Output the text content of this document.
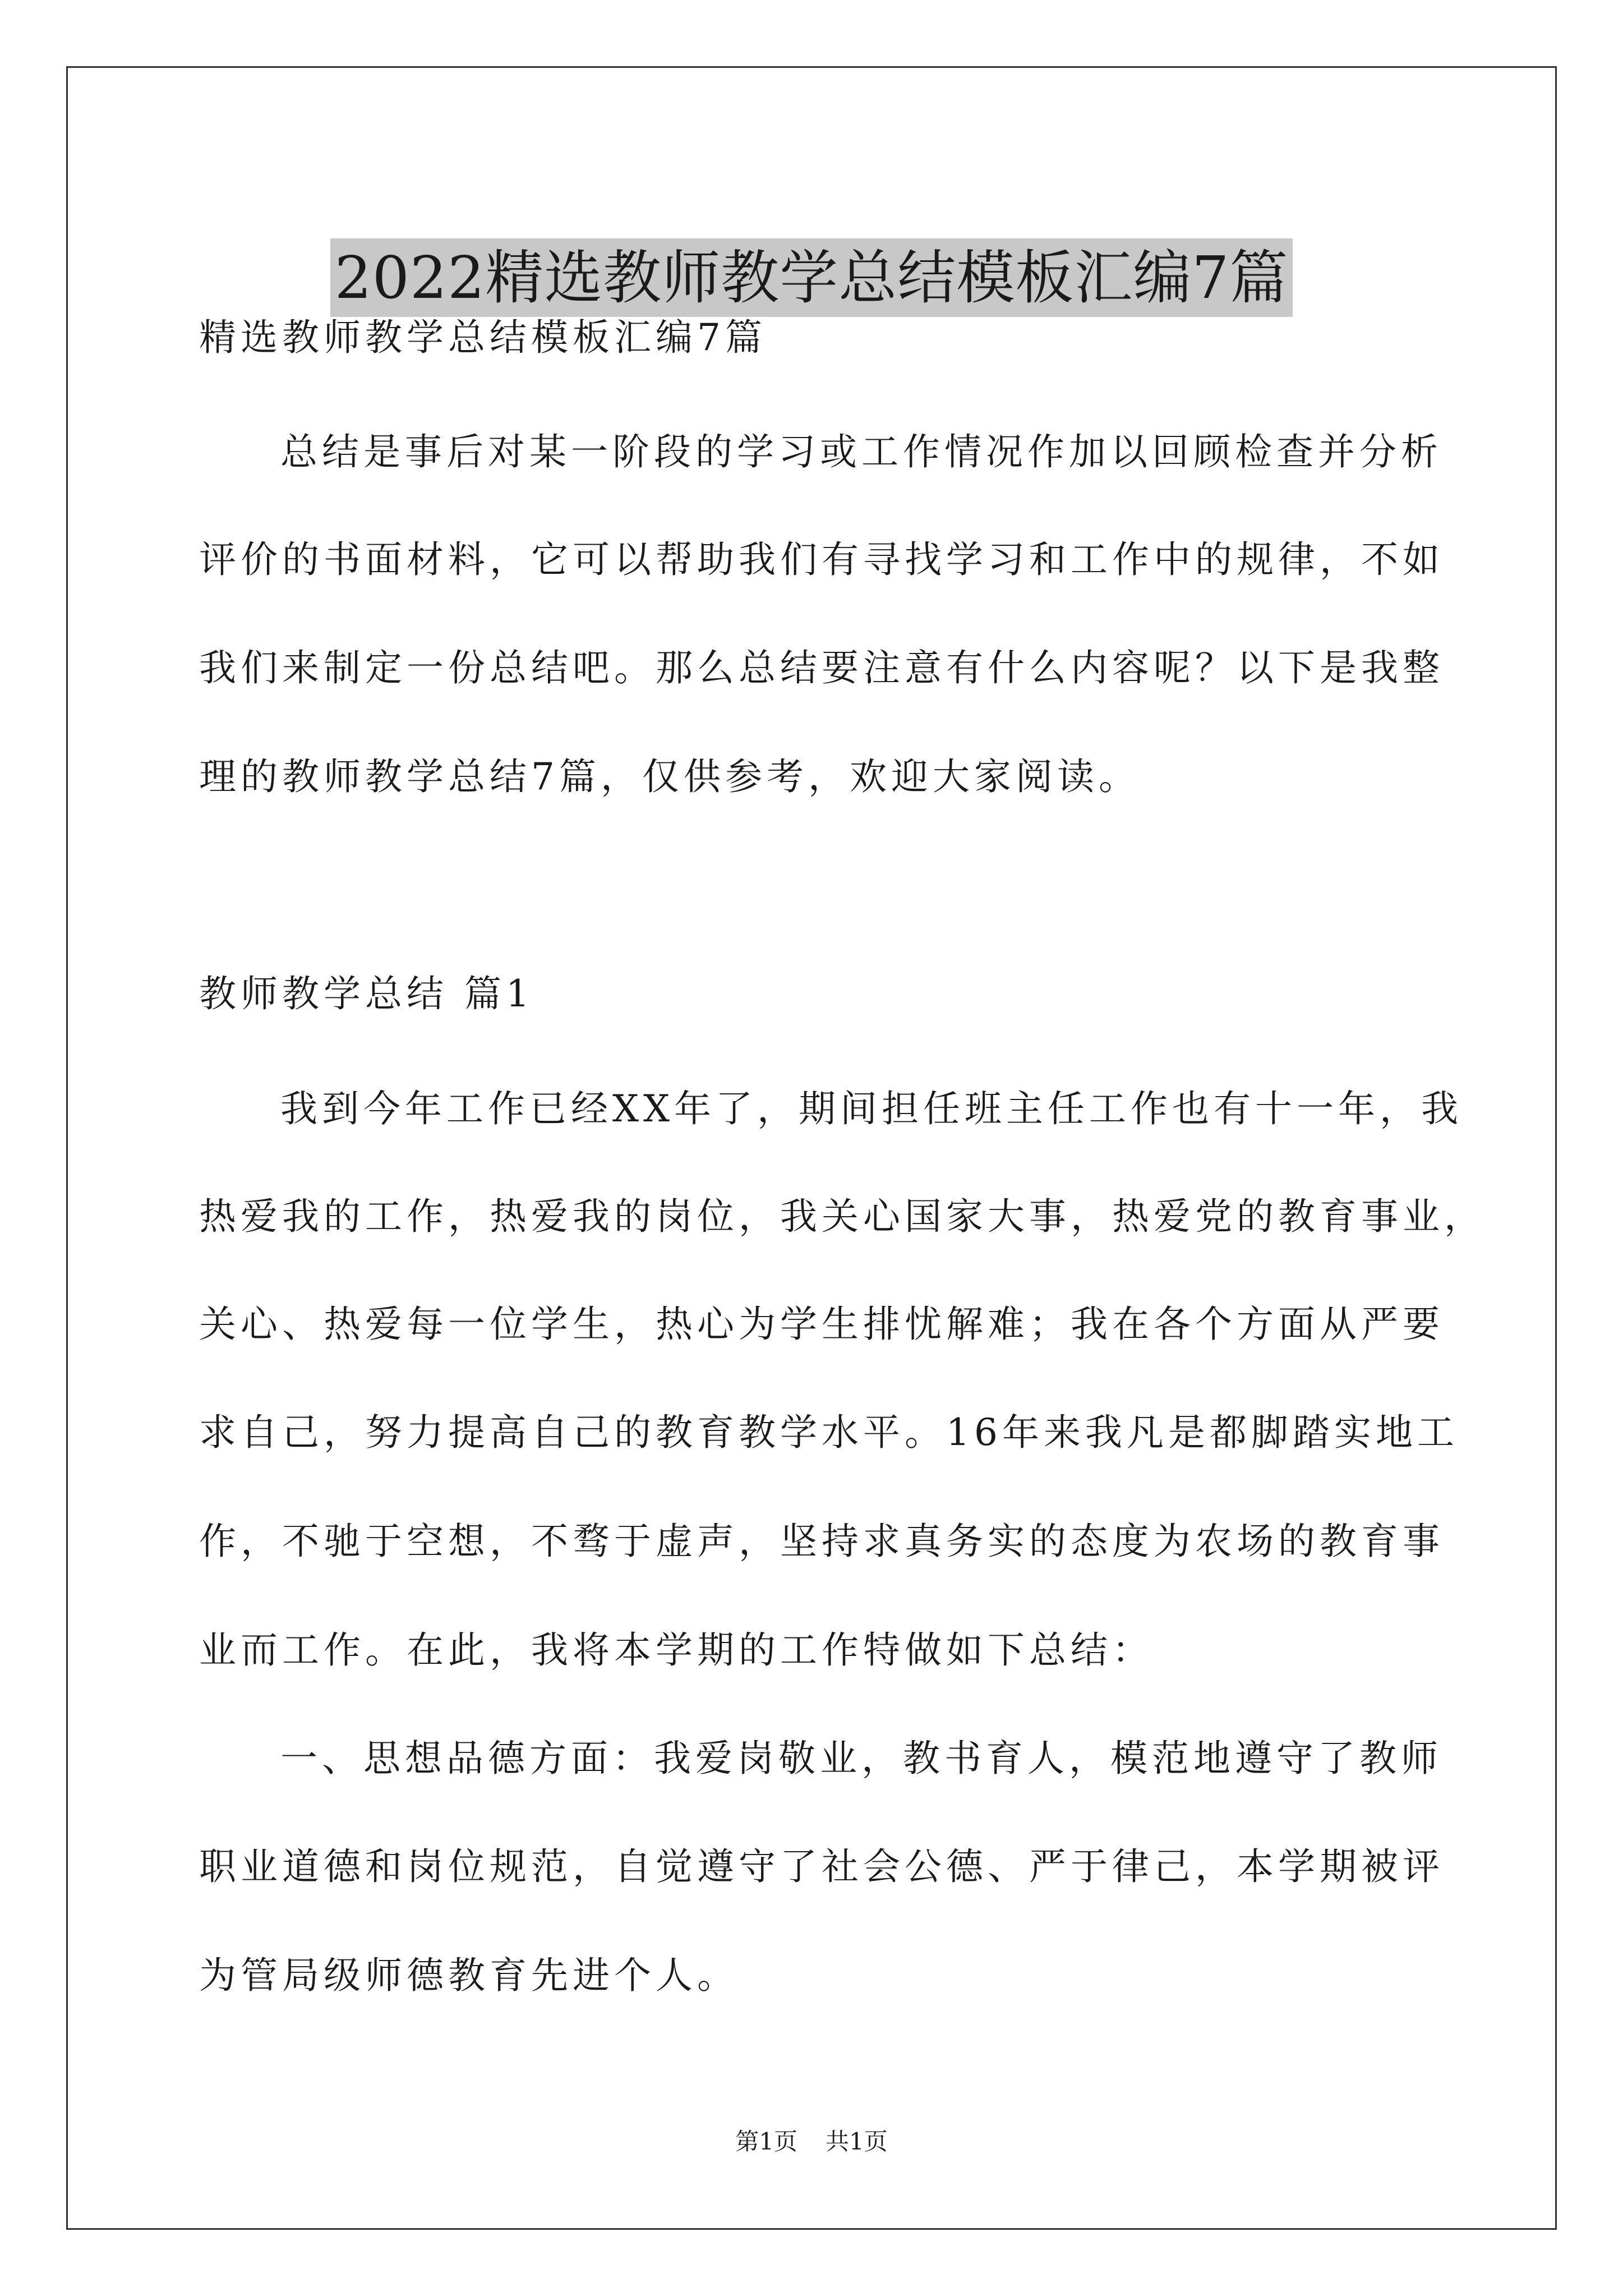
2022精选教师教学总结模板汇编7篇
精选教师教学总结模板汇编7篇
总结是事后对某一阶段的学习或工作情况作加以回顾检查并分析
评价的书面材料，它可以帮助我们有寻找学习和工作中的规律，不如
我们来制定一份总结吧。那么总结要注意有什么内容呢？以下是我整
理的教师教学总结7篇，仅供参考，欢迎大家阅读。
教师教学总结 篇1
我到今年工作已经XX年了，期间担任班主任工作也有十一年，我
热爱我的工作，热爱我的岗位，我关心国家大事，热爱党的教育事业，
关心、热爱每一位学生，热心为学生排忧解难；我在各个方面从严要
求自己，努力提高自己的教育教学水平。16年来我凡是都脚踏实地工
作，不驰于空想，不骛于虚声，坚持求真务实的态度为农场的教育事
业而工作。在此，我将本学期的工作特做如下总结：
一、思想品德方面：我爱岗敬业，教书育人，模范地遵守了教师
职业道德和岗位规范，自觉遵守了社会公德、严于律己，本学期被评
为管局级师德教育先进个人。
第1页 共1页
